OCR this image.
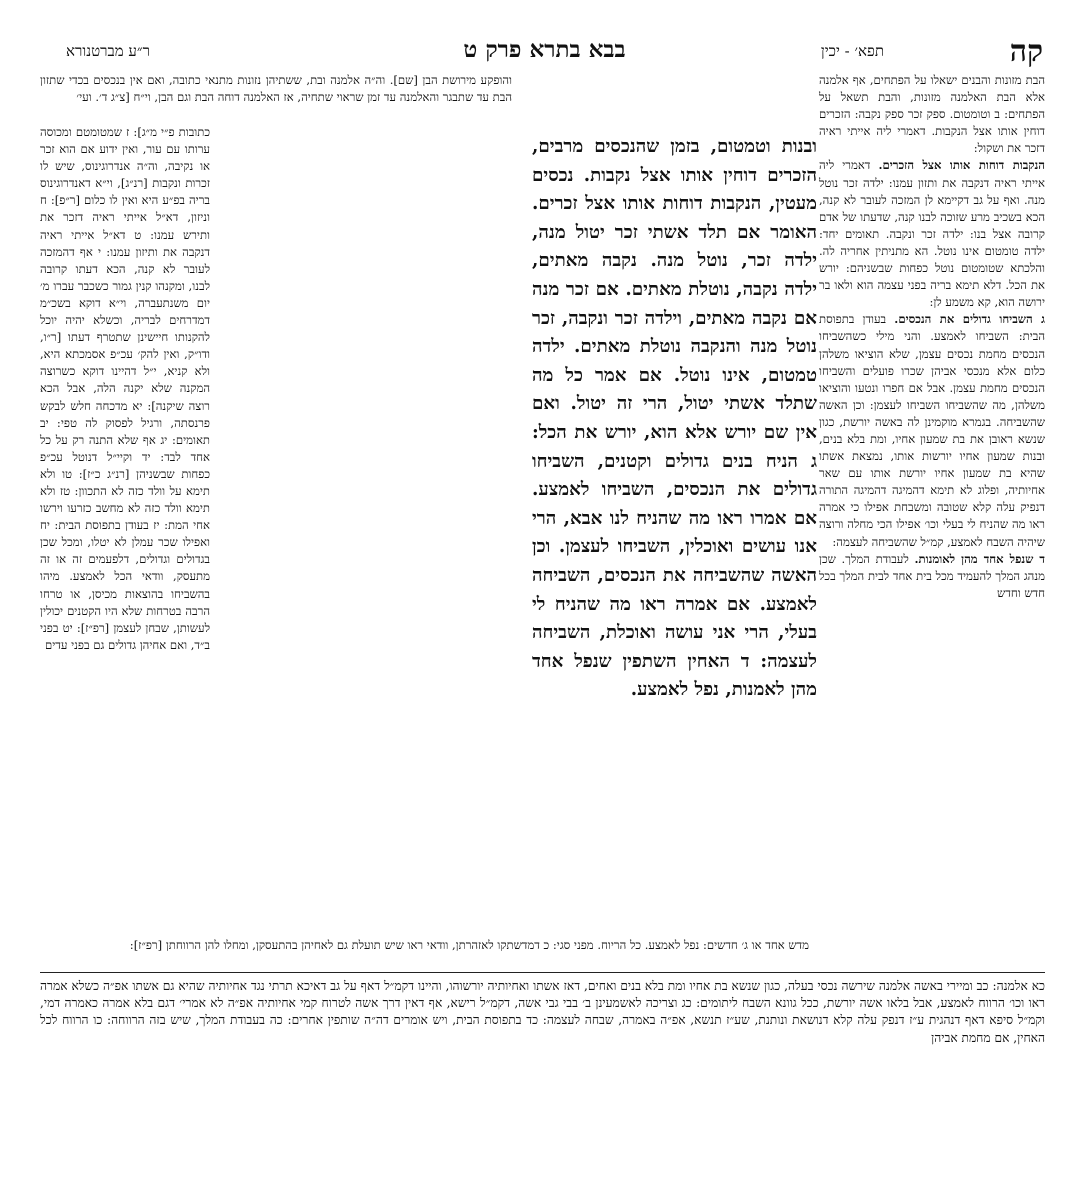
קה
תפא׳ - יכין
בבא בתרא פרק ט
ר״ע מברטנורא

הבת מזונות והבנים ישאלו על הפתחים, אף אלמנה אלא הבת האלמנה מזונות, והבת תשאל על הפתחים: ב וטומטום. ספק זכר ספק נקבה: הזכרים דוחין אותו אצל הנקבות. דאמרי ליה אייתי ראיה דזכר את ושקול:

הנקבות דוחות אותו אצל הזכרים. דאמרי ליה אייתי ראיה דנקבה את ותזון עמנו: ילדה זכר נוטל מנה. ואף על גב דקיימא לן המזכה לעובר לא קנה, הכא בשכיב מרע שזוכה לבנו קנה, שדעתו של אדם קרובה אצל בנו: ילדה זכר ונקבה. תאומים יחד: ילדה טומטום אינו נוטל. הא מתניתין אחריה לה. והלכתא שטומטום נוטל כפחות שבשניהם: יורש את הכל. דלא תימא בריה בפני עצמה הוא ולאו בר ירושה הוא, קא משמע לן:

ג השביחו גדולים את הנכסים. בעודן בתפוסת הבית: השביחו לאמצע. והני מילי כשהשביחו הנכסים מחמת נכסים עצמן, שלא הוציאו משלהן כלום אלא מנכסי אביהן שכרו פועלים והשביחו הנכסים מחמת עצמן. אבל אם חפרו ונטעו והוציאו משלהן, מה שהשביחו השביחו לעצמן: וכן האשה שהשביחה. בגמרא מוקמינן לה באשה יורשת, כגון שנשא ראובן את בת שמעון אחיו, ומת בלא בנים, ובנות שמעון אחיו יורשות אותו, נמצאת אשתו שהיא בת שמעון אחיו יורשת אותו עם שאר אחיותיה, ופלוג לא תימא דהמיגה דהמיגה התורה דנפיק עלה קלא שטובה ומשבחת אפילו כי אמרה ראו מה שהניח לי בעלי וכו׳ אפילו הכי מחלה ורוצה שיהיה השבח לאמצע, קמ״ל שהשביחה לעצמה:

ד שנפל אחד מהן לאומנות. לעבודת המלך. שכן מנהג המלך להעמיד מכל בית אחד לבית המלך בכל חדש וחדש

ובנות וטמטום, בזמן שהנכסים מרבים, הזכרים דוחין אותו אצל נקבות. נכסים מעטין, הנקבות דוחות אותו אצל זכרים. האומר אם תלד אשתי זכר יטול מנה, ילדה זכר, נוטל מנה. נקבה מאתים, ילדה נקבה, נוטלת מאתים. אם זכר מנה אם נקבה מאתים, וילדה זכר ונקבה, זכר נוטל מנה והנקבה נוטלת מאתים. ילדה טמטום, אינו נוטל. אם אמר כל מה שתלד אשתי יטול, הרי זה יטול. ואם אין שם יורש אלא הוא, יורש את הכל: ג הניח בנים גדולים וקטנים, השביחו גדולים את הנכסים, השביחו לאמצע. אם אמרו ראו מה שהניח לנו אבא, הרי אנו עושים ואוכלין, השביחו לעצמן. וכן האשה שהשביחה את הנכסים, השביחה לאמצע. אם אמרה ראו מה שהניח לי בעלי, הרי אני עושה ואוכלת, השביחה לעצמה: ד האחין השתפין שנפל אחד מהן לאמנות, נפל לאמצע.
והופקע מירושת הבן [שם]. וה״ה אלמנה ובת, ששתיהן נזונות מתנאי כתובה, ואם אין בנכסים בכדי שתזון הבת עד שתבגר והאלמנה עד זמן שראוי שתחיה, אז האלמנה דוחה הבת וגם הבן, וי״ח [צ״ג ד׳. ועי׳
כתובות פ״י מ״ג]: ז שמטומטם ומכוסה ערותו עם עור, ואין ידוע אם הוא זכר או נקיבה, וה״ה אנדרוגינוס, שיש לו זכרות ונקבות [רנ״ג], וי״א דאנדרוגינוס בריה בפ״ע היא ואין לו כלום [ר״פ]: ח וניזון, דא״ל אייתי ראיה דזכר את ותירש עמנו: ט דא״ל אייתי ראיה דנקבה את ותיזון עמנו: י אף דהמזכה לעובר לא קנה, הכא דעתו קרובה לבנו, ומקנהו קנין גמור כשכבר עברו מ׳ יום משנתעברה, וי״א דוקא בשכ״מ דמדרחים לבריה, וכשלא יהיה יוכל להקנותו חיישינן שתטרף דעתו [ר״ו, ודו״ק, ואין להק׳ עכ״פ אסמכתא היא, ולא קניא, י״ל דהיינו דוקא כשרוצה המקנה שלא יקנה הלה, אבל הכא רוצה שיקנה]: יא מדכחה חלש לבקש פרנסתה, ורגיל לפסוק לה טפי: יב תאומים: יג אף שלא התנה רק על כל אחד לבד: יד וקיי״ל דנוטל עכ״פ כפחות שבשניהן [רנ״ג כ״ז]: טו ולא תימא על וולד כזה לא התכוון: טז ולא תימא וולד כזה לא מחשב כזרעו וירשו אחי המת: יז בעודן בתפוסת הבית: יח ואפילו שכר עמלן לא יטלו, ומכל שכן בגדולים וגדולים, דלפעמים זה או זה מתעסק, וודאי הכל לאמצע. מיהו בהשביחו בהוצאות מכיסן, או טרחו הרבה בטרחות שלא היו הקטנים יכולין לעשותן, שבחן לעצמן [רפ״ז]: יט בפני ב״ד, ואם אחיהן גדולים גם בפני עדים
מדש אחד או ג׳ חדשים: נפל לאמצע. כל הריוח. מפני סגי: כ דמדשתקו לאזהרתן, וודאי ראו שיש תועלת גם לאחיהן בהתעסקן, ומחלו להן הרווחתן [רפ״ז]:
כא אלמנה: כב ומיירי באשה אלמנה שירשה נכסי בעלה, כגון שנשא בת אחיו ומת בלא בנים ואחים, דאז אשתו ואחיותיה יורשוהו, והיינו דקמ״ל דאף על גב דאיכא תרתי נגד אחיותיה שהיא גם אשתו אפ״ה כשלא אמרה ראו וכו׳ הרווח לאמצע, אבל בלאו אשה יורשת, ככל גוונא השבח ליתומים: כג וצריכה לאשמעינן ב׳ בבי גבי אשה, דקמ״ל רישא, אף דאין דרך אשה לטרוח קמי אחיותיה אפ״ה לא אמרי׳ דגם בלא אמרה כאמרה דמי, וקמ״ל סיפא דאף דנהגית ע״ז דנפק עלה קלא דנושאת ונותנת, שע״ז תנשא, אפ״ה באמרה, שבחה לעצמה: כד בתפוסת הבית, ויש אומרים דה״ה שותפין אחרים: כה בעבודת המלך, שיש בזה הרווחה: כו הרווח לכל האחין, אם מחמת אביהן
